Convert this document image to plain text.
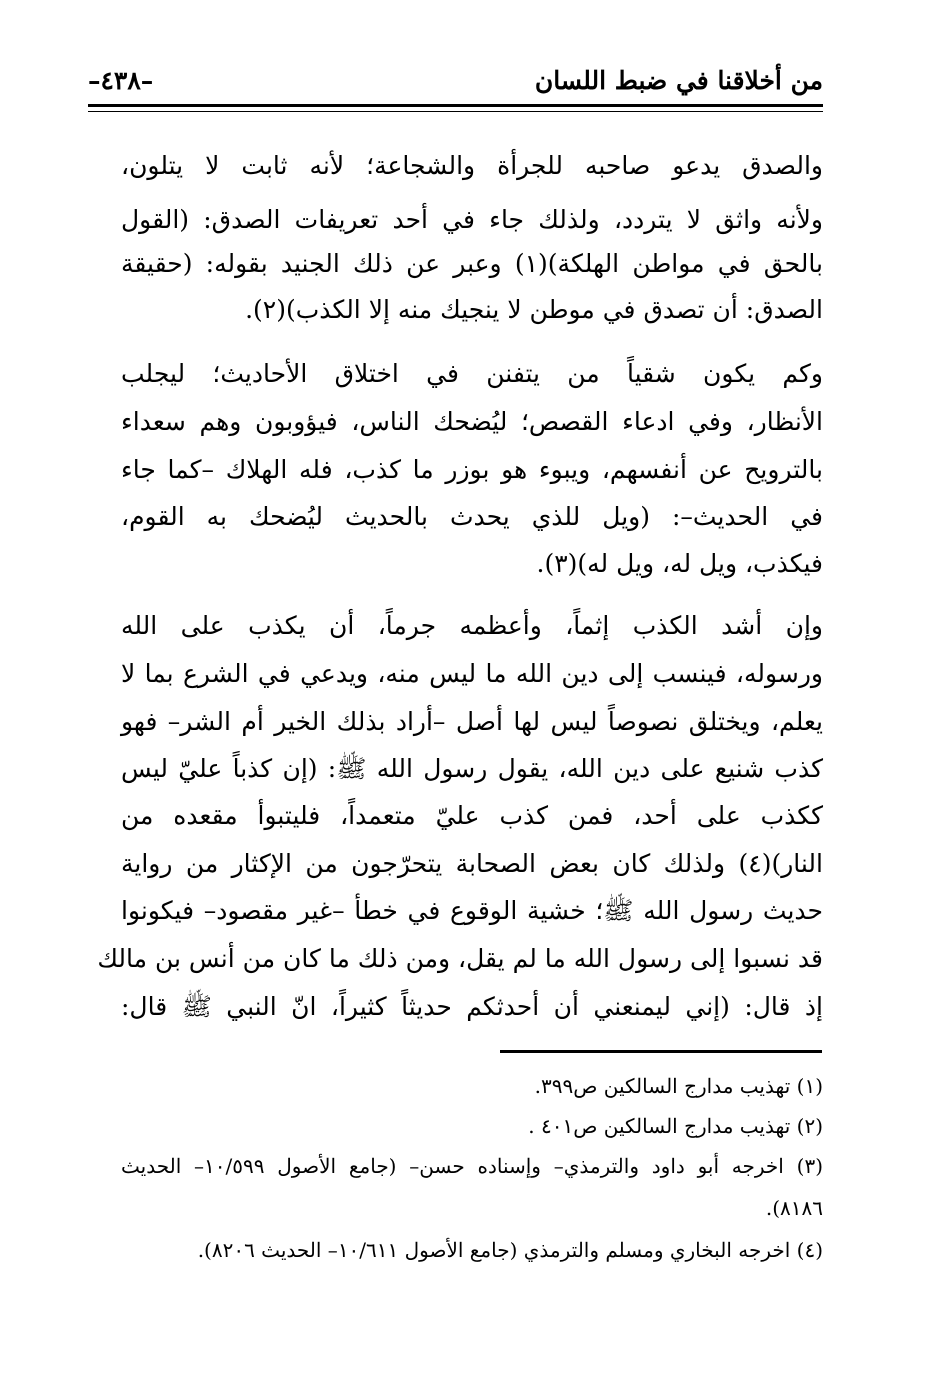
من أخلاقنا في ضبط اللسان
–٤٣٨–
والصدق يدعو صاحبه للجرأة والشجاعة؛ لأنه ثابت لا يتلون،
ولأنه واثق لا يتردد، ولذلك جاء في أحد تعريفات الصدق: (القول
بالحق في مواطن الهلكة)(١) وعبر عن ذلك الجنيد بقوله: (حقيقة
الصدق: أن تصدق في موطن لا ينجيك منه إلا الكذب)(٢).
وكم يكون شقياً من يتفنن في اختلاق الأحاديث؛ ليجلب
الأنظار، وفي ادعاء القصص؛ ليُضحك الناس، فيؤوبون وهم سعداء
بالترويح عن أنفسهم، ويبوء هو بوزر ما كذب، فله الهلاك –كما جاء
في الحديث–: (ويل للذي يحدث بالحديث ليُضحك به القوم،
فيكذب، ويل له، ويل له)(٣).
وإن أشد الكذب إثماً، وأعظمه جرماً، أن يكذب على الله
ورسوله، فينسب إلى دين الله ما ليس منه، ويدعي في الشرع بما لا
يعلم، ويختلق نصوصاً ليس لها أصل –أراد بذلك الخير أم الشر– فهو
كذب شنيع على دين الله، يقول رسول الله ﷺ: (إن كذباً عليّ ليس
ككذب على أحد، فمن كذب عليّ متعمداً، فليتبوأ مقعده من
النار)(٤) ولذلك كان بعض الصحابة يتحرّجون من الإكثار من رواية
حديث رسول الله ﷺ؛ خشية الوقوع في خطأ –غير مقصود– فيكونوا
قد نسبوا إلى رسول الله ما لم يقل، ومن ذلك ما كان من أنس بن مالك
إذ قال: (إني ليمنعني أن أحدثكم حديثاً كثيراً، انّ النبي ﷺ قال:
(١) تهذيب مدارج السالكين ص٣٩٩.
(٢) تهذيب مدارج السالكين ص٤٠١ .
(٣) اخرجه أبو داود والترمذي– وإسناده حسن– (جامع الأصول ١٠/٥٩٩– الحديث
٨١٨٦).
(٤) اخرجه البخاري ومسلم والترمذي (جامع الأصول ١٠/٦١١– الحديث ٨٢٠٦).
